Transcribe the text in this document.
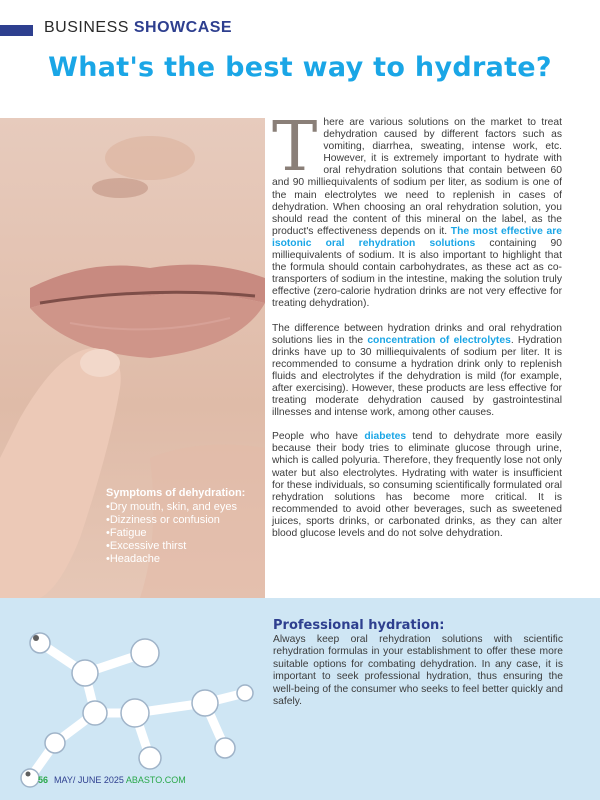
BUSINESS SHOWCASE
What's the best way to hydrate?
Symptoms of dehydration:
• Dry mouth, skin, and eyes
• Dizziness or confusion
• Fatigue
• Excessive thirst
• Headache

There are various solutions on the market to treat dehydration caused by different factors such as vomiting, diarrhea, sweating, intense work, etc. However, it is extremely important to hydrate with oral rehydration solutions that contain between 60 and 90 milliequivalents of sodium per liter, as sodium is one of the main electrolytes we need to replenish in cases of dehydration. When choosing an oral rehydration solution, you should read the content of this mineral on the label, as the product's effectiveness depends on it. The most effective are isotonic oral rehydration solutions containing 90 milliequivalents of sodium. It is also important to highlight that the formula should contain carbohydrates, as these act as co-transporters of sodium in the intestine, making the solution truly effective (zero-calorie hydration drinks are not very effective for treating dehydration).

The difference between hydration drinks and oral rehydration solutions lies in the concentration of electrolytes. Hydration drinks have up to 30 milliequivalents of sodium per liter. It is recommended to consume a hydration drink only to replenish fluids and electrolytes if the dehydration is mild (for example, after exercising). However, these products are less effective for treating moderate dehydration caused by gastrointestinal illnesses and intense work, among other causes.

People who have diabetes tend to dehydrate more easily because their body tries to eliminate glucose through urine, which is called polyuria. Therefore, they frequently lose not only water but also electrolytes. Hydrating with water is insufficient for these individuals, so consuming scientifically formulated oral rehydration solutions has become more critical. It is recommended to avoid other beverages, such as sweetened juices, sports drinks, or carbonated drinks, as they can alter blood glucose levels and do not solve dehydration.

Professional hydration:
Always keep oral rehydration solutions with scientific rehydration formulas in your establishment to offer these more suitable options for combating dehydration. In any case, it is important to seek professional hydration, thus ensuring the well-being of the consumer who seeks to feel better quickly and safely.
56 MAY/ JUNE 2025 ABASTO.COM
